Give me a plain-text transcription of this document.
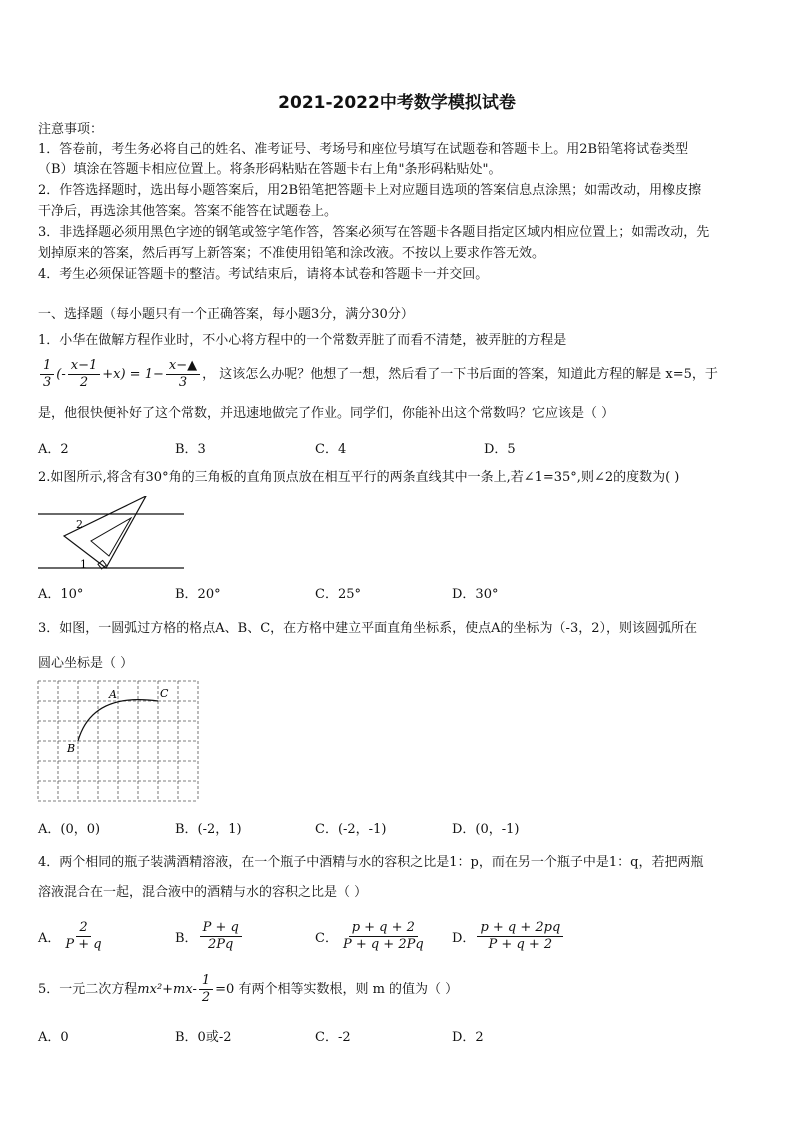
2021-2022中考数学模拟试卷
注意事项：
1．答卷前，考生务必将自己的姓名、准考证号、考场号和座位号填写在试题卷和答题卡上。用2B铅笔将试卷类型
（B）填涂在答题卡相应位置上。将条形码粘贴在答题卡右上角"条形码粘贴处"。
2．作答选择题时，选出每小题答案后，用2B铅笔把答题卡上对应题目选项的答案信息点涂黑；如需改动，用橡皮擦
干净后，再选涂其他答案。答案不能答在试题卷上。
3．非选择题必须用黑色字迹的钢笔或签字笔作答，答案必须写在答题卡各题目指定区域内相应位置上；如需改动，先
划掉原来的答案，然后再写上新答案；不准使用铅笔和涂改液。不按以上要求作答无效。
4．考生必须保证答题卡的整洁。考试结束后，请将本试卷和答题卡一并交回。
一、选择题（每小题只有一个正确答案，每小题3分，满分30分）
1．小华在做解方程作业时，不小心将方程中的一个常数弄脏了而看不清楚，被弄脏的方程是
$\frac{1}{3}$ (- $\frac{x-1}{2} +x) = 1- \frac{x-▲}{3}$ ， 这该怎么办呢？他想了一想，然后看了一下书后面的答案，知道此方程的解是 x=5，于
是，他很快便补好了这个常数，并迅速地做完了作业。同学们，你能补出这个常数吗？它应该是（ ）
A．2	B．3	C．4	D．5
2.如图所示,将含有30°角的三角板的直角顶点放在相互平行的两条直线其中一条上,若∠1=35°,则∠2的度数为( )
1
2
A．10°	B．20°	C．25°	D．30°
3．如图，一圆弧过方格的格点A、B、C，在方格中建立平面直角坐标系，使点A的坐标为（-3，2），则该圆弧所在
圆心坐标是（ ）
A
B
C
A．(0，0)	B．(-2，1)	C．(-2，-1)	D．(0，-1)
4．两个相同的瓶子装满酒精溶液，在一个瓶子中酒精与水的容积之比是1：p，而在另一个瓶子中是1：q，若把两瓶
溶液混合在一起，混合液中的酒精与水的容积之比是（ ）
A． $\frac{2}{P + q}$	B． $\frac{P + q}{2Pq}$	C． $\frac{p + q + 2}{P + q + 2Pq}$ D． $\frac{p + q + 2pq}{P + q + 2}$
5．一元二次方程 $mx^2+mx- \frac{1}{2} =0$ 有两个相等实数根，则 m 的值为（ ）
A．0	B．0或-2	C．-2	D．2
